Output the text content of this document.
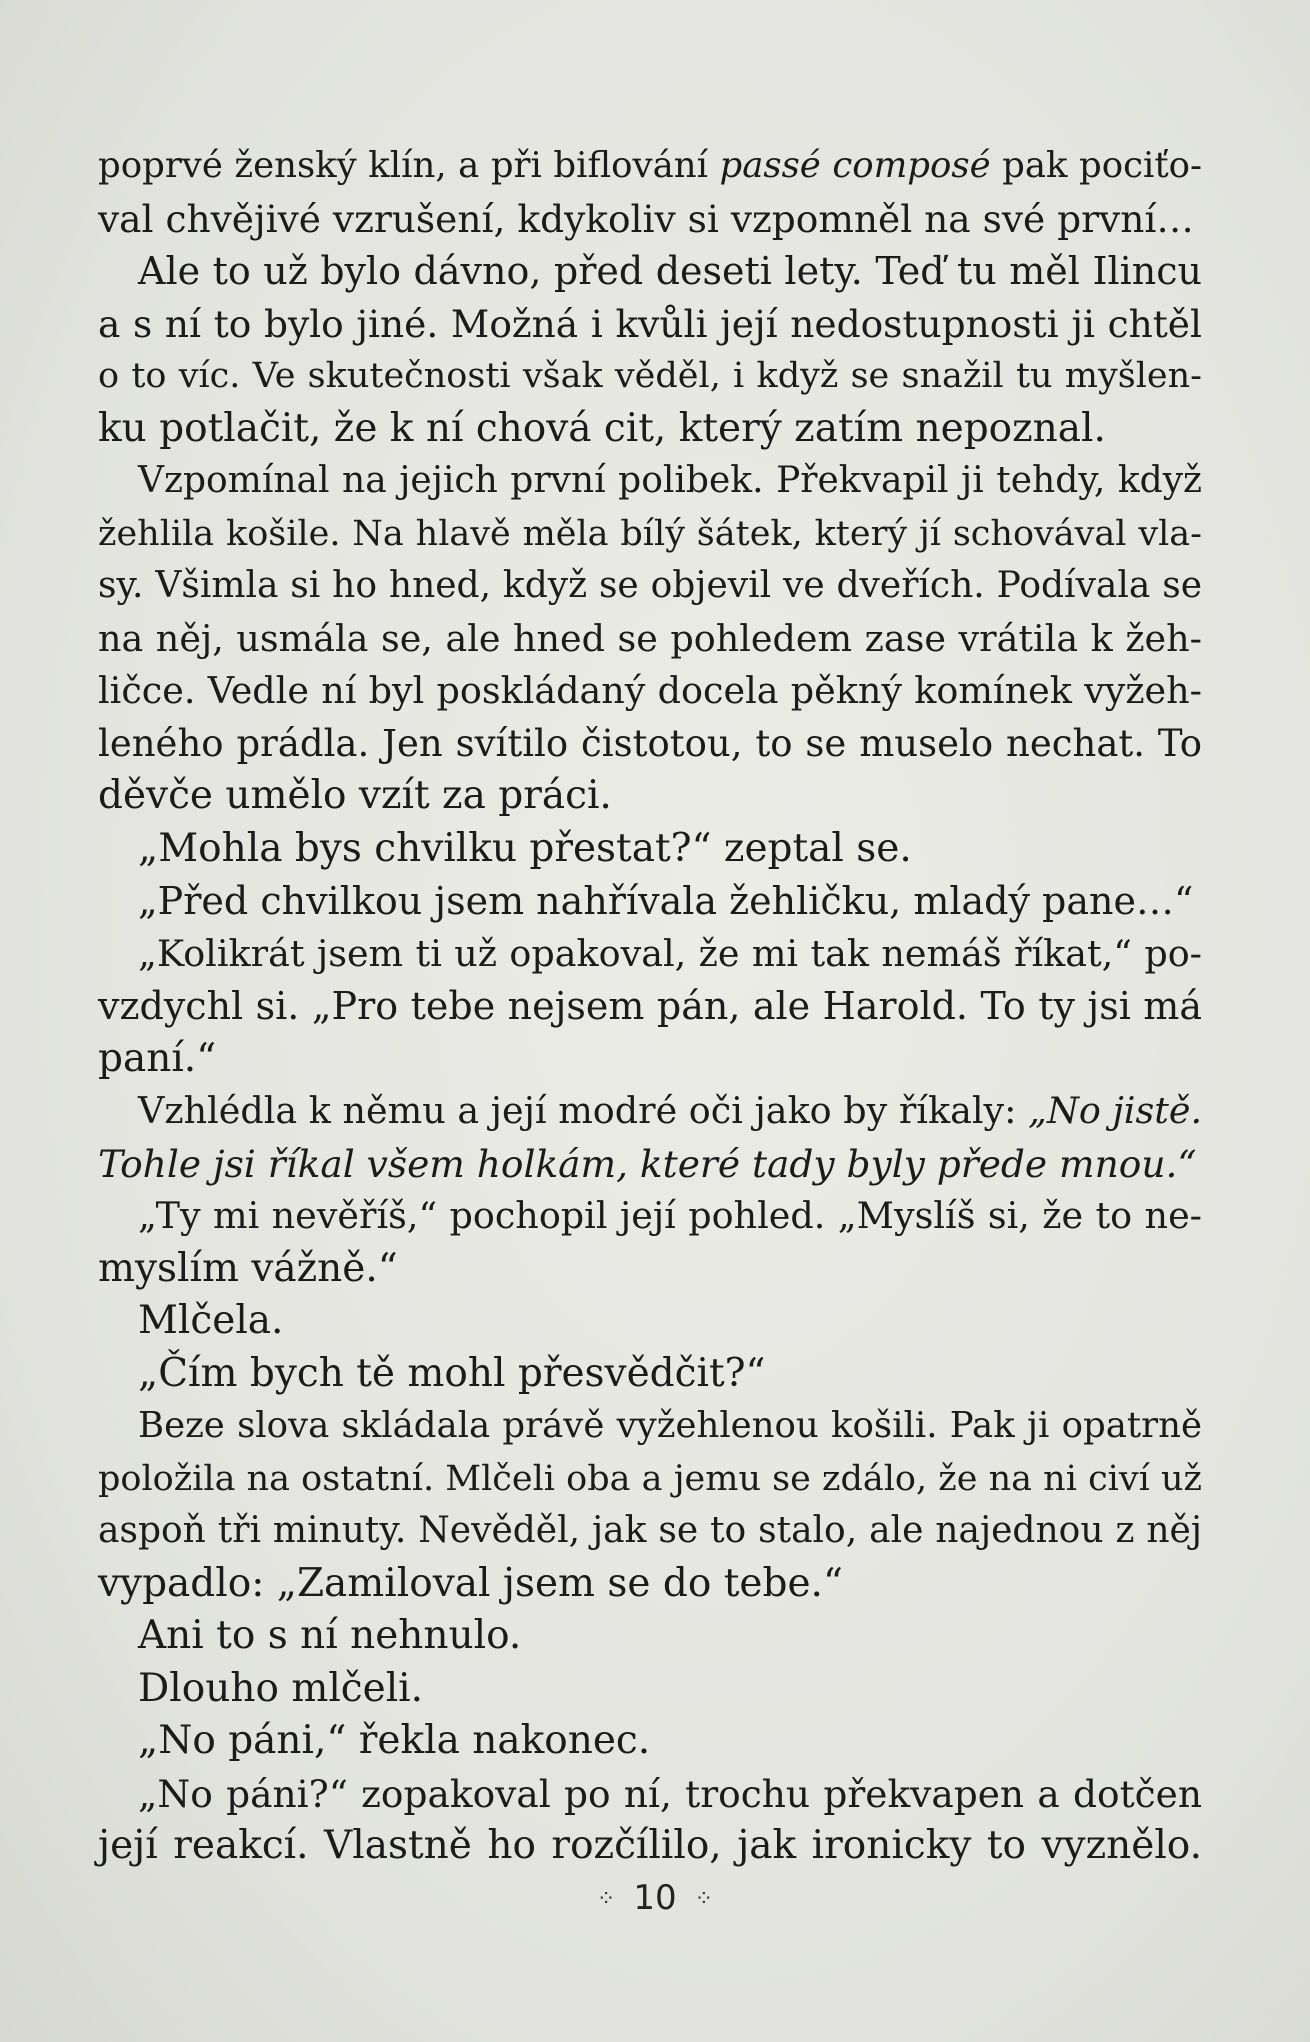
poprvé ženský klín, a při biflování passé composé pak pociťo-
val chvějivé vzrušení, kdykoliv si vzpomněl na své první…
Ale to už bylo dávno, před deseti lety. Teď tu měl Ilincu
a s ní to bylo jiné. Možná i kvůli její nedostupnosti ji chtěl
o to víc. Ve skutečnosti však věděl, i když se snažil tu myšlen-
ku potlačit, že k ní chová cit, který zatím nepoznal.
Vzpomínal na jejich první polibek. Překvapil ji tehdy, když
žehlila košile. Na hlavě měla bílý šátek, který jí schovával vla-
sy. Všimla si ho hned, když se objevil ve dveřích. Podívala se
na něj, usmála se, ale hned se pohledem zase vrátila k žeh-
ličce. Vedle ní byl poskládaný docela pěkný komínek vyžeh-
leného prádla. Jen svítilo čistotou, to se muselo nechat. To
děvče umělo vzít za práci.
„Mohla bys chvilku přestat?“ zeptal se.
„Před chvilkou jsem nahřívala žehličku, mladý pane…“
„Kolikrát jsem ti už opakoval, že mi tak nemáš říkat,“ po-
vzdychl si. „Pro tebe nejsem pán, ale Harold. To ty jsi má
paní.“
Vzhlédla k němu a její modré oči jako by říkaly: „No jistě.
Tohle jsi říkal všem holkám, které tady byly přede mnou.“
„Ty mi nevěříš,“ pochopil její pohled. „Myslíš si, že to ne-
myslím vážně.“
Mlčela.
„Čím bych tě mohl přesvědčit?“
Beze slova skládala právě vyžehlenou košili. Pak ji opatrně
položila na ostatní. Mlčeli oba a jemu se zdálo, že na ni civí už
aspoň tři minuty. Nevěděl, jak se to stalo, ale najednou z něj
vypadlo: „Zamiloval jsem se do tebe.“
Ani to s ní nehnulo.
Dlouho mlčeli.
„No páni,“ řekla nakonec.
„No páni?“ zopakoval po ní, trochu překvapen a dotčen
její reakcí. Vlastně ho rozčílilo, jak ironicky to vyznělo.
⁘ 10 ⁘
